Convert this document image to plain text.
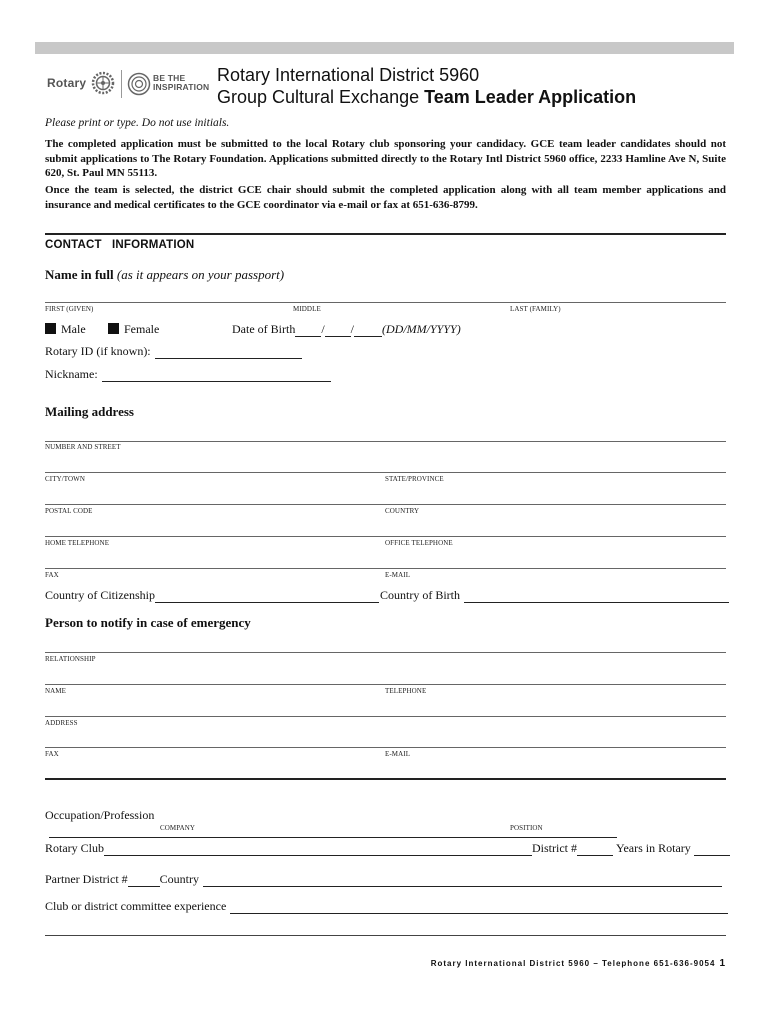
Rotary	BE THE
INSPIRATION
Rotary International District 5960
Group Cultural Exchange Team Leader Application
Please print or type. Do not use initials.
The completed application must be submitted to the local Rotary club sponsoring your candidacy. GCE team leader candidates should not submit applications to The Rotary Foundation. Applications submitted directly to the Rotary Intl District 5960 office, 2233 Hamline Ave N, Suite 620, St. Paul MN 55113.
Once the team is selected, the district GCE chair should submit the completed application along with all team member applications and insurance and medical certificates to the GCE coordinator via e-mail or fax at 651-636-8799.
CONTACT   INFORMATION
Name in full (as it appears on your passport)
FIRST (GIVEN)	MIDDLE	LAST (FAMILY)
Male	Female	Date of Birth / / (DD/MM/YYYY)
Rotary ID (if known):
Nickname:
Mailing address
NUMBER AND STREET
CITY/TOWN	STATE/PROVINCE
POSTAL CODE	COUNTRY
HOME TELEPHONE	OFFICE TELEPHONE
FAX	E-MAIL
Country of Citizenship	Country of Birth
Person to notify in case of emergency
RELATIONSHIP
NAME	TELEPHONE
ADDRESS
FAX	E-MAIL
Occupation/Profession
COMPANY	POSITION
Rotary Club	District #	Years in Rotary
Partner District #	Country
Club or district committee experience
Rotary International District 5960 – Telephone 651-636-9054 1
